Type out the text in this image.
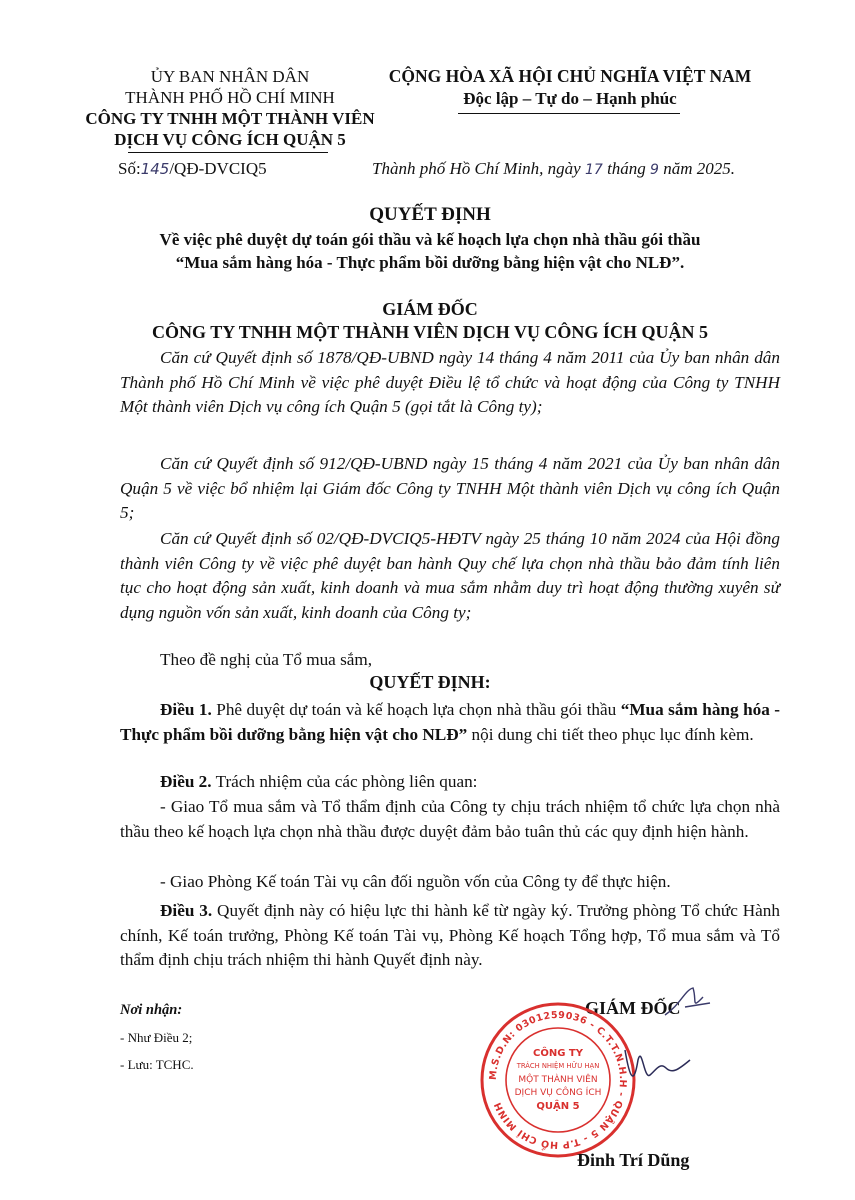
ỦY BAN NHÂN DÂN
THÀNH PHỐ HỒ CHÍ MINH
CÔNG TY TNHH MỘT THÀNH VIÊN
DỊCH VỤ CÔNG ÍCH QUẬN 5
Số:145/QĐ-DVCIQ5
CỘNG HÒA XÃ HỘI CHỦ NGHĨA VIỆT NAM
Độc lập – Tự do – Hạnh phúc
Thành phố Hồ Chí Minh, ngày 17 tháng 9 năm 2025.
QUYẾT ĐỊNH
Về việc phê duyệt dự toán gói thầu và kế hoạch lựa chọn nhà thầu gói thầu
“Mua sắm hàng hóa - Thực phẩm bồi dưỡng bằng hiện vật cho NLĐ”.
GIÁM ĐỐC
CÔNG TY TNHH MỘT THÀNH VIÊN DỊCH VỤ CÔNG ÍCH QUẬN 5
Căn cứ Quyết định số 1878/QĐ-UBND ngày 14 tháng 4 năm 2011 của Ủy ban nhân dân Thành phố Hồ Chí Minh về việc phê duyệt Điều lệ tổ chức và hoạt động của Công ty TNHH Một thành viên Dịch vụ công ích Quận 5 (gọi tắt là Công ty);
Căn cứ Quyết định số 912/QĐ-UBND ngày 15 tháng 4 năm 2021 của Ủy ban nhân dân Quận 5 về việc bổ nhiệm lại Giám đốc Công ty TNHH Một thành viên Dịch vụ công ích Quận 5;
Căn cứ Quyết định số 02/QĐ-DVCIQ5-HĐTV ngày 25 tháng 10 năm 2024 của Hội đồng thành viên Công ty về việc phê duyệt ban hành Quy chế lựa chọn nhà thầu bảo đảm tính liên tục cho hoạt động sản xuất, kinh doanh và mua sắm nhằm duy trì hoạt động thường xuyên sử dụng nguồn vốn sản xuất, kinh doanh của Công ty;
Theo đề nghị của Tổ mua sắm,
QUYẾT ĐỊNH:
Điều 1. Phê duyệt dự toán và kế hoạch lựa chọn nhà thầu gói thầu “Mua sắm hàng hóa - Thực phẩm bồi dưỡng bằng hiện vật cho NLĐ” nội dung chi tiết theo phục lục đính kèm.
Điều 2. Trách nhiệm của các phòng liên quan:
- Giao Tổ mua sắm và Tổ thẩm định của Công ty chịu trách nhiệm tổ chức lựa chọn nhà thầu theo kế hoạch lựa chọn nhà thầu được duyệt đảm bảo tuân thủ các quy định hiện hành.
- Giao Phòng Kế toán Tài vụ cân đối nguồn vốn của Công ty để thực hiện.
Điều 3. Quyết định này có hiệu lực thi hành kể từ ngày ký. Trưởng phòng Tổ chức Hành chính, Kế toán trưởng, Phòng Kế toán Tài vụ, Phòng Kế hoạch Tổng hợp, Tổ mua sắm và Tổ thẩm định chịu trách nhiệm thi hành Quyết định này.
Nơi nhận:
- Như Điều 2;
- Lưu: TCHC.
GIÁM ĐỐC
M.S.D.N: 0301259036 - C.T.T.N.H.H - QUẬN 5 - T.P HỒ CHÍ MINH
CÔNG TY
TRÁCH NHIỆM HỮU HẠN
MỘT THÀNH VIÊN
DỊCH VỤ CÔNG ÍCH
QUẬN 5
Đinh Trí Dũng
